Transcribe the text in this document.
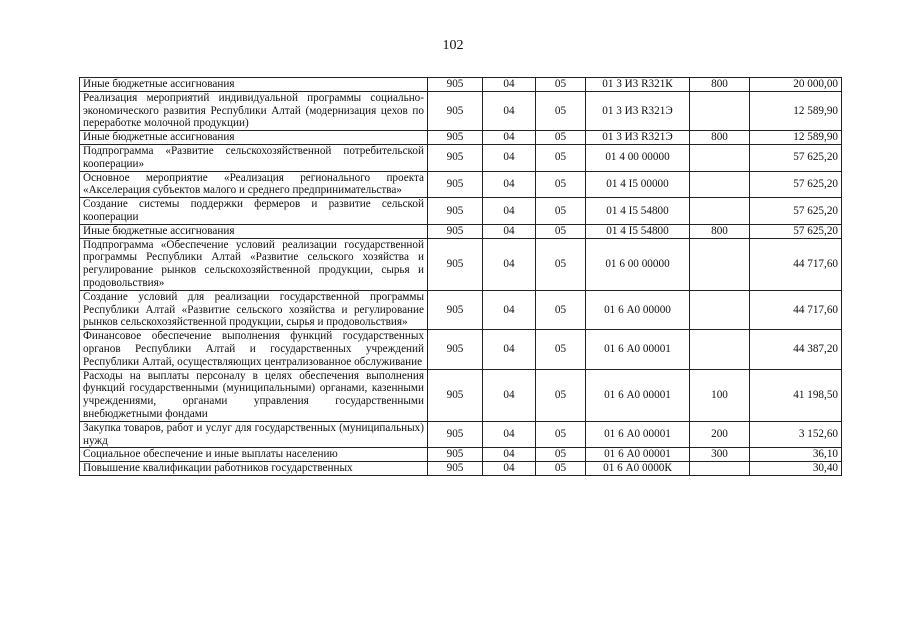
102
Иные бюджетные ассигнования	905	04	05	01 3 И3 R321К	800	20 000,00
Реализация мероприятий индивидуальной программы социально-экономического развития Республики Алтай (модернизация цехов по переработке молочной продукции)	905	04	05	01 3 И3 R321Э		12 589,90
Иные бюджетные ассигнования	905	04	05	01 3 И3 R321Э	800	12 589,90
Подпрограмма «Развитие сельскохозяйственной потребительской кооперации»	905	04	05	01 4 00 00000		57 625,20
Основное мероприятие «Реализация регионального проекта «Акселерация субъектов малого и среднего предпринимательства»	905	04	05	01 4 I5 00000		57 625,20
Создание системы поддержки фермеров и развитие сельской кооперации	905	04	05	01 4 I5 54800		57 625,20
Иные бюджетные ассигнования	905	04	05	01 4 I5 54800	800	57 625,20
Подпрограмма «Обеспечение условий реализации государственной программы Республики Алтай «Развитие сельского хозяйства и регулирование рынков сельскохозяйственной продукции, сырья и продовольствия»	905	04	05	01 6 00 00000		44 717,60
Создание условий для реализации государственной программы Республики Алтай «Развитие сельского хозяйства и регулирование рынков сельскохозяйственной продукции, сырья и продовольствия»	905	04	05	01 6 А0 00000		44 717,60
Финансовое обеспечение выполнения функций государственных органов Республики Алтай и государственных учреждений Республики Алтай, осуществляющих централизованное обслуживание	905	04	05	01 6 А0 00001		44 387,20
Расходы на выплаты персоналу в целях обеспечения выполнения функций государственными (муниципальными) органами, казенными учреждениями, органами управления государственными внебюджетными фондами	905	04	05	01 6 А0 00001	100	41 198,50
Закупка товаров, работ и услуг для государственных (муниципальных) нужд	905	04	05	01 6 А0 00001	200	3 152,60
Социальное обеспечение и иные выплаты населению	905	04	05	01 6 А0 00001	300	36,10
Повышение квалификации работников государственных	905	04	05	01 6 А0 0000К		30,40
